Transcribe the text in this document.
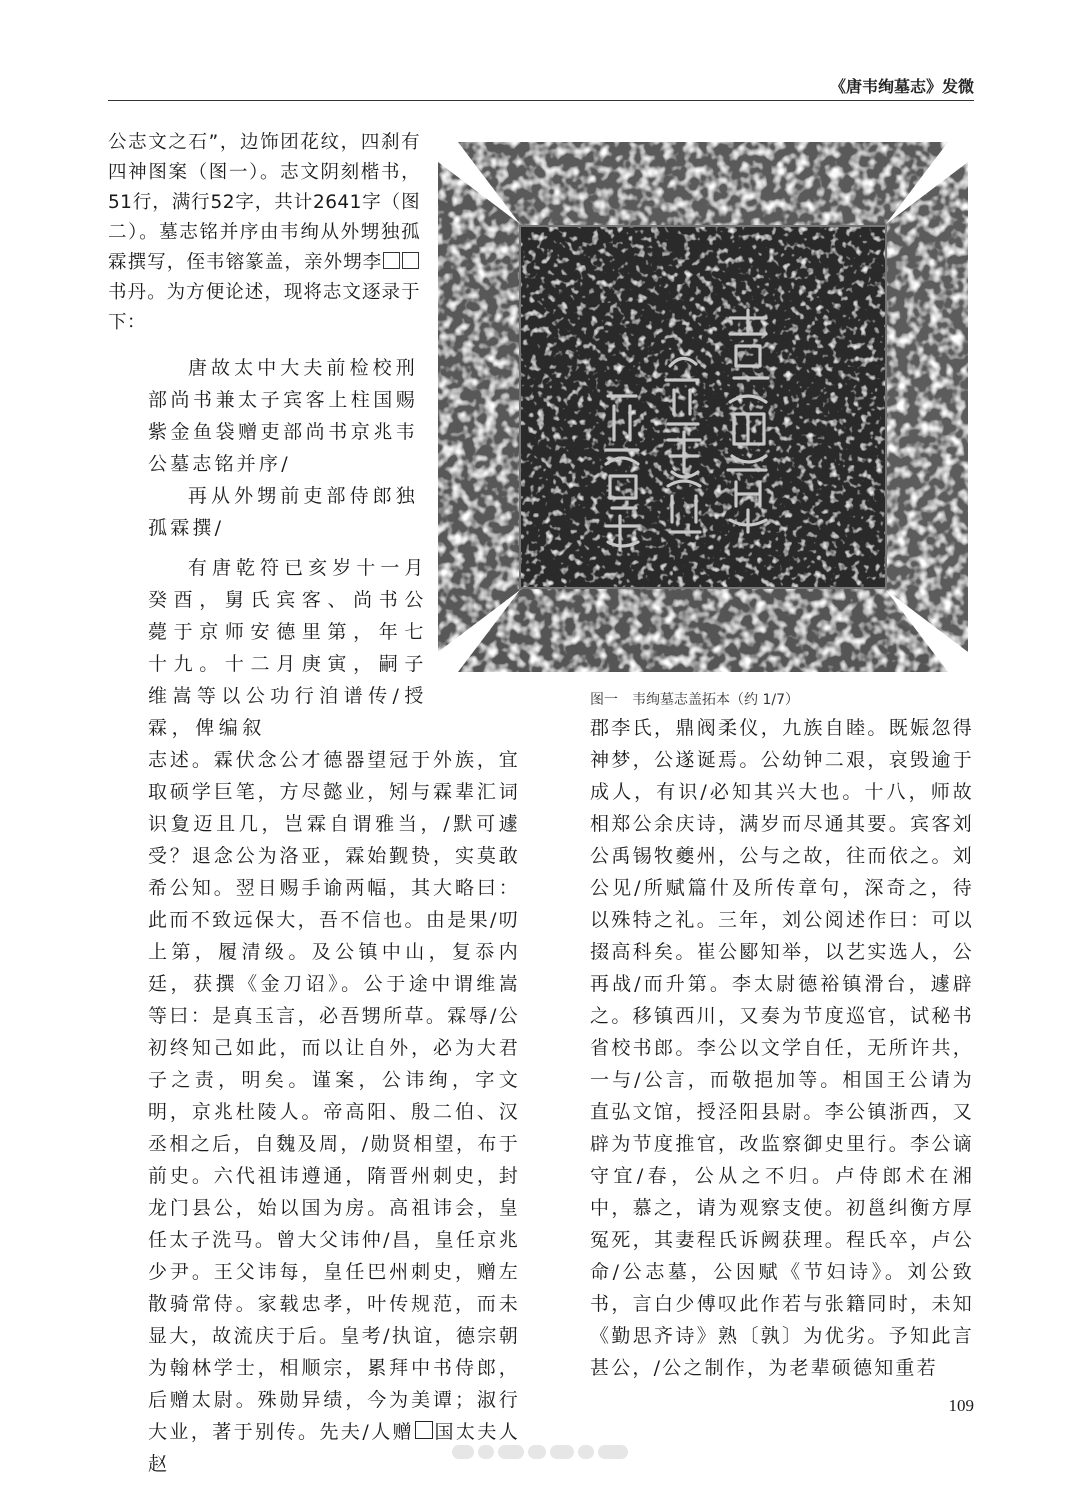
《唐韦绚墓志》发微

公志文之石”，边饰团花纹，四刹有四神图案（图一）。志文阴刻楷书，51行，满行52字，共计2641字（图二）。墓志铭并序由韦绚从外甥独孤霖撰写，侄韦镕篆盖，亲外甥李书丹。为方便论述，现将志文逐录于下：

唐故太中大夫前检校刑部尚书兼太子宾客上柱国赐紫金鱼袋赠吏部尚书京兆韦公墓志铭并序/

再从外甥前吏部侍郎独孤霖撰/

有唐乾符已亥岁十一月癸酉，舅氏宾客、尚书公薨于京师安德里第，年七十九。十二月庚寅，嗣子维嵩等以公功行洎谱传/授霖，俾编叙

志述。霖伏念公才德器望冠于外族，宜取硕学巨笔，方尽懿业，矧与霖辈汇词识夐迈且几，岂霖自谓雅当，/默可遽受？退念公为洛亚，霖始觐贽，实莫敢希公知。翌日赐手谕两幅，其大略曰：此而不致远保大，吾不信也。由是果/叨上第，履清级。及公镇中山，复忝内廷，获撰《金刀诏》。公于途中谓维嵩等曰：是真玉言，必吾甥所草。霖辱/公初终知己如此，而以让自外，必为大君子之责，明矣。谨案，公讳绚，字文明，京兆杜陵人。帝高阳、殷二伯、汉丞相之后，自魏及周，/勋贤相望，布于前史。六代祖讳遵通，隋晋州刺史，封龙门县公，始以国为房。高祖讳会，皇任太子洗马。曾大父讳仲/昌，皇任京兆少尹。王父讳每，皇任巴州刺史，赠左散骑常侍。家载忠孝，叶传规范，而未显大，故流庆于后。皇考/执谊，德宗朝为翰林学士，相顺宗，累拜中书侍郎，后赠太尉。殊勋异绩，今为美谭；淑行大业，著于别传。先夫/人赠 国太夫人赵

郡李氏，鼎阀柔仪，九族自睦。既娠忽得神梦，公遂诞焉。公幼钟二艰，哀毁逾于成人，有识/必知其兴大也。十八，师故相郑公余庆诗，满岁而尽通其要。宾客刘公禹锡牧夔州，公与之故，往而依之。刘公见/所赋篇什及所传章句，深奇之，待以殊特之礼。三年，刘公阅述作曰：可以掇高科矣。崔公郾知举，以艺实选人，公再战/而升第。李太尉德裕镇滑台，遽辟之。移镇西川，又奏为节度巡官，试秘书省校书郎。李公以文学自任，无所许共，一与/公言，而敬挹加等。相国王公请为直弘文馆，授泾阳县尉。李公镇浙西，又辟为节度推官，改监察御史里行。李公谪守宜/春，公从之不归。卢侍郎术在湘中，慕之，请为观察支使。初邕纠衡方厚冤死，其妻程氏诉阙获理。程氏卒，卢公命/公志墓，公因赋《节妇诗》。刘公致书，言白少傅叹此作若与张籍同时，未知《勤思齐诗》熟〔孰〕为优劣。予知此言甚公，/公之制作，为老辈硕德知重若

唐赠吏部尚书京兆韦公墓志之铭
图一 韦绚墓志盖拓本（约 1/7）
109
